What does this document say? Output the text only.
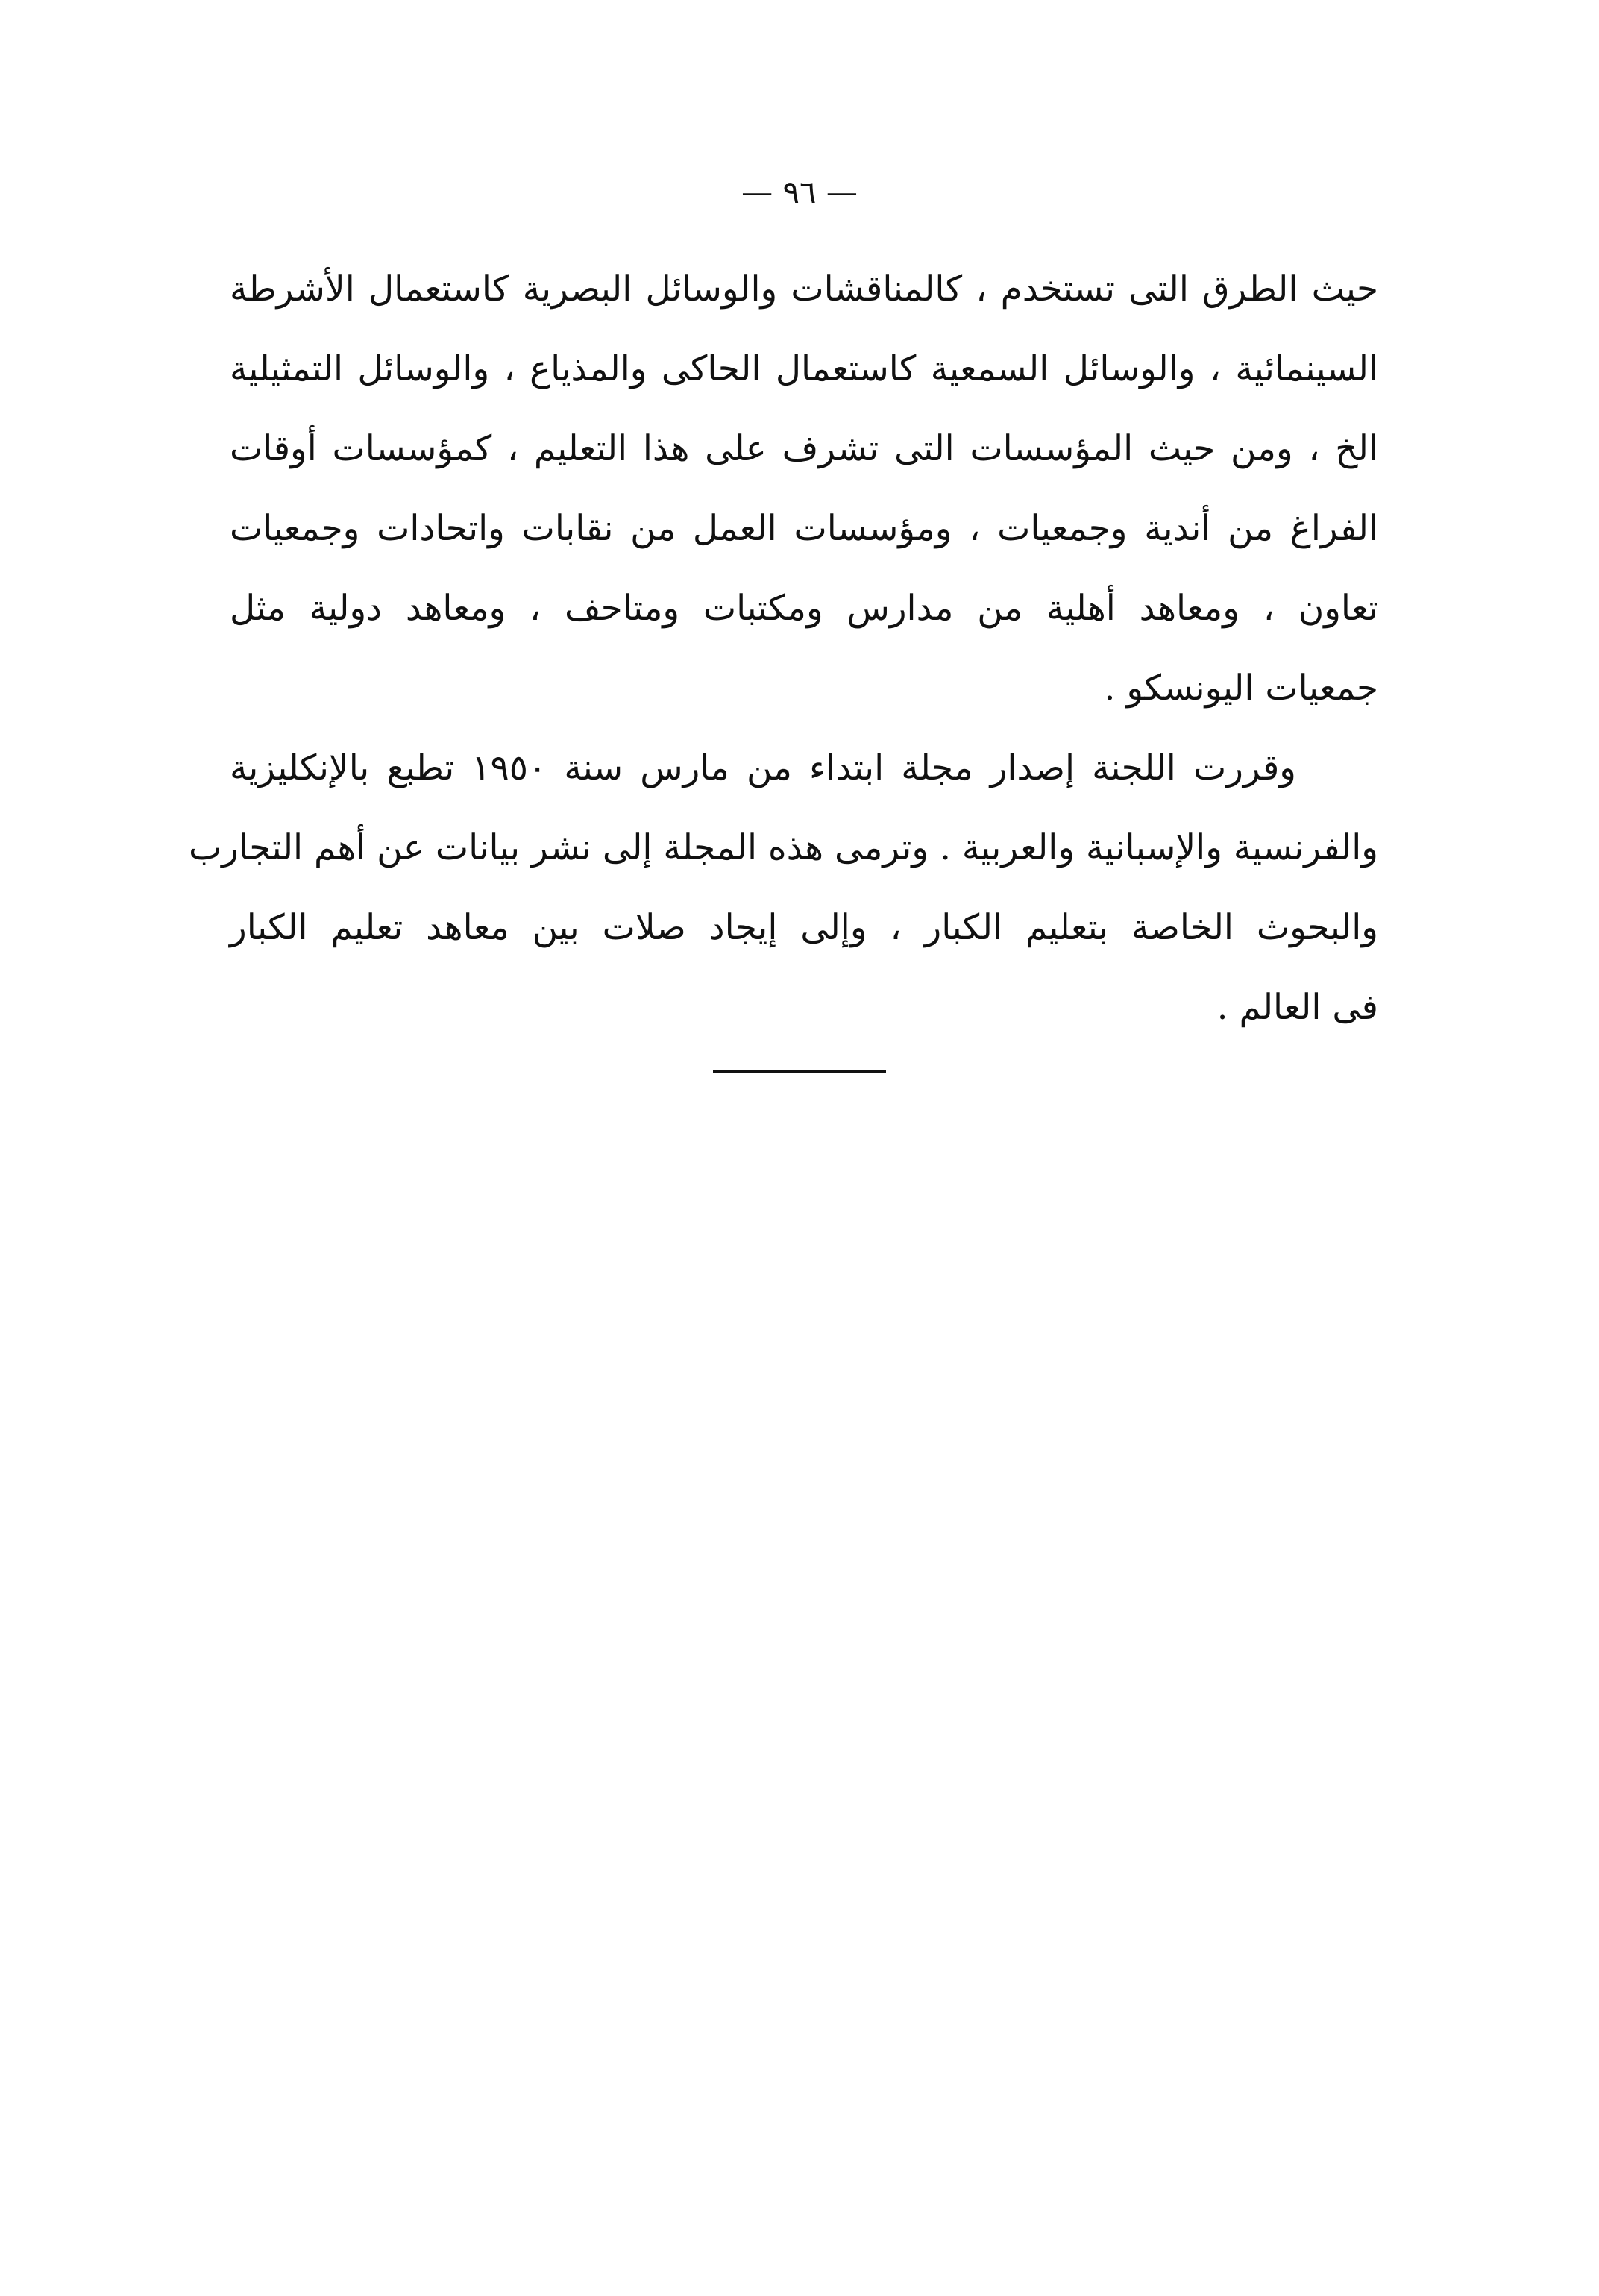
— ٩٦ —
حيث الطرق التى تستخدم ، كالمناقشات والوسائل البصرية كاستعمال الأشرطة
السينمائية ، والوسائل السمعية كاستعمال الحاكى والمذياع ، والوسائل التمثيلية
الخ ، ومن حيث المؤسسات التى تشرف على هذا التعليم ، كمؤسسات أوقات
الفراغ من أندية وجمعيات ، ومؤسسات العمل من نقابات واتحادات وجمعيات
تعاون ، ومعاهد أهلية من مدارس ومكتبات ومتاحف ، ومعاهد دولية مثل
جمعيات اليونسكو .
وقررت اللجنة إصدار مجلة ابتداء من مارس سنة ١٩٥٠ تطبع بالإنكليزية
والفرنسية والإسبانية والعربية . وترمى هذه المجلة إلى نشر بيانات عن أهم التجارب
والبحوث الخاصة بتعليم الكبار ، وإلى إيجاد صلات بين معاهد تعليم الكبار
فى العالم .
